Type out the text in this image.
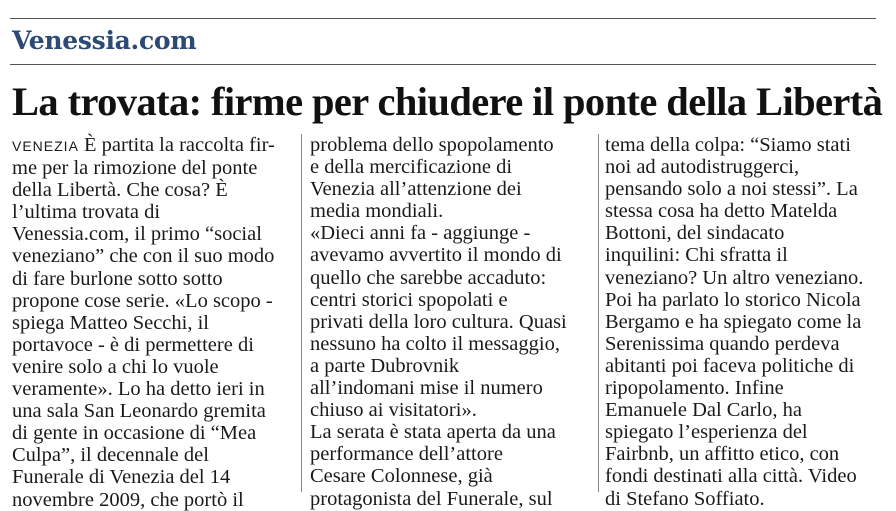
Venessia.com
La trovata: firme per chiudere il ponte della Libertà
VENEZIA È partita la raccolta fir-
me per la rimozione del ponte
della Libertà. Che cosa? È
l’ultima trovata di
Venessia.com, il primo “social
veneziano” che con il suo modo
di fare burlone sotto sotto
propone cose serie. «Lo scopo -
spiega Matteo Secchi, il
portavoce - è di permettere di
venire solo a chi lo vuole
veramente». Lo ha detto ieri in
una sala San Leonardo gremita
di gente in occasione di “Mea
Culpa”, il decennale del
Funerale di Venezia del 14
novembre 2009, che portò il
problema dello spopolamento
e della mercificazione di
Venezia all’attenzione dei
media mondiali.
«Dieci anni fa - aggiunge -
avevamo avvertito il mondo di
quello che sarebbe accaduto:
centri storici spopolati e
privati della loro cultura. Quasi
nessuno ha colto il messaggio,
a parte Dubrovnik
all’indomani mise il numero
chiuso ai visitatori».
La serata è stata aperta da una
performance dell’attore
Cesare Colonnese, già
protagonista del Funerale, sul
tema della colpa: “Siamo stati
noi ad autodistruggerci,
pensando solo a noi stessi”. La
stessa cosa ha detto Matelda
Bottoni, del sindacato
inquilini: Chi sfratta il
veneziano? Un altro veneziano.
Poi ha parlato lo storico Nicola
Bergamo e ha spiegato come la
Serenissima quando perdeva
abitanti poi faceva politiche di
ripopolamento. Infine
Emanuele Dal Carlo, ha
spiegato l’esperienza del
Fairbnb, un affitto etico, con
fondi destinati alla città. Video
di Stefano Soffiato.
